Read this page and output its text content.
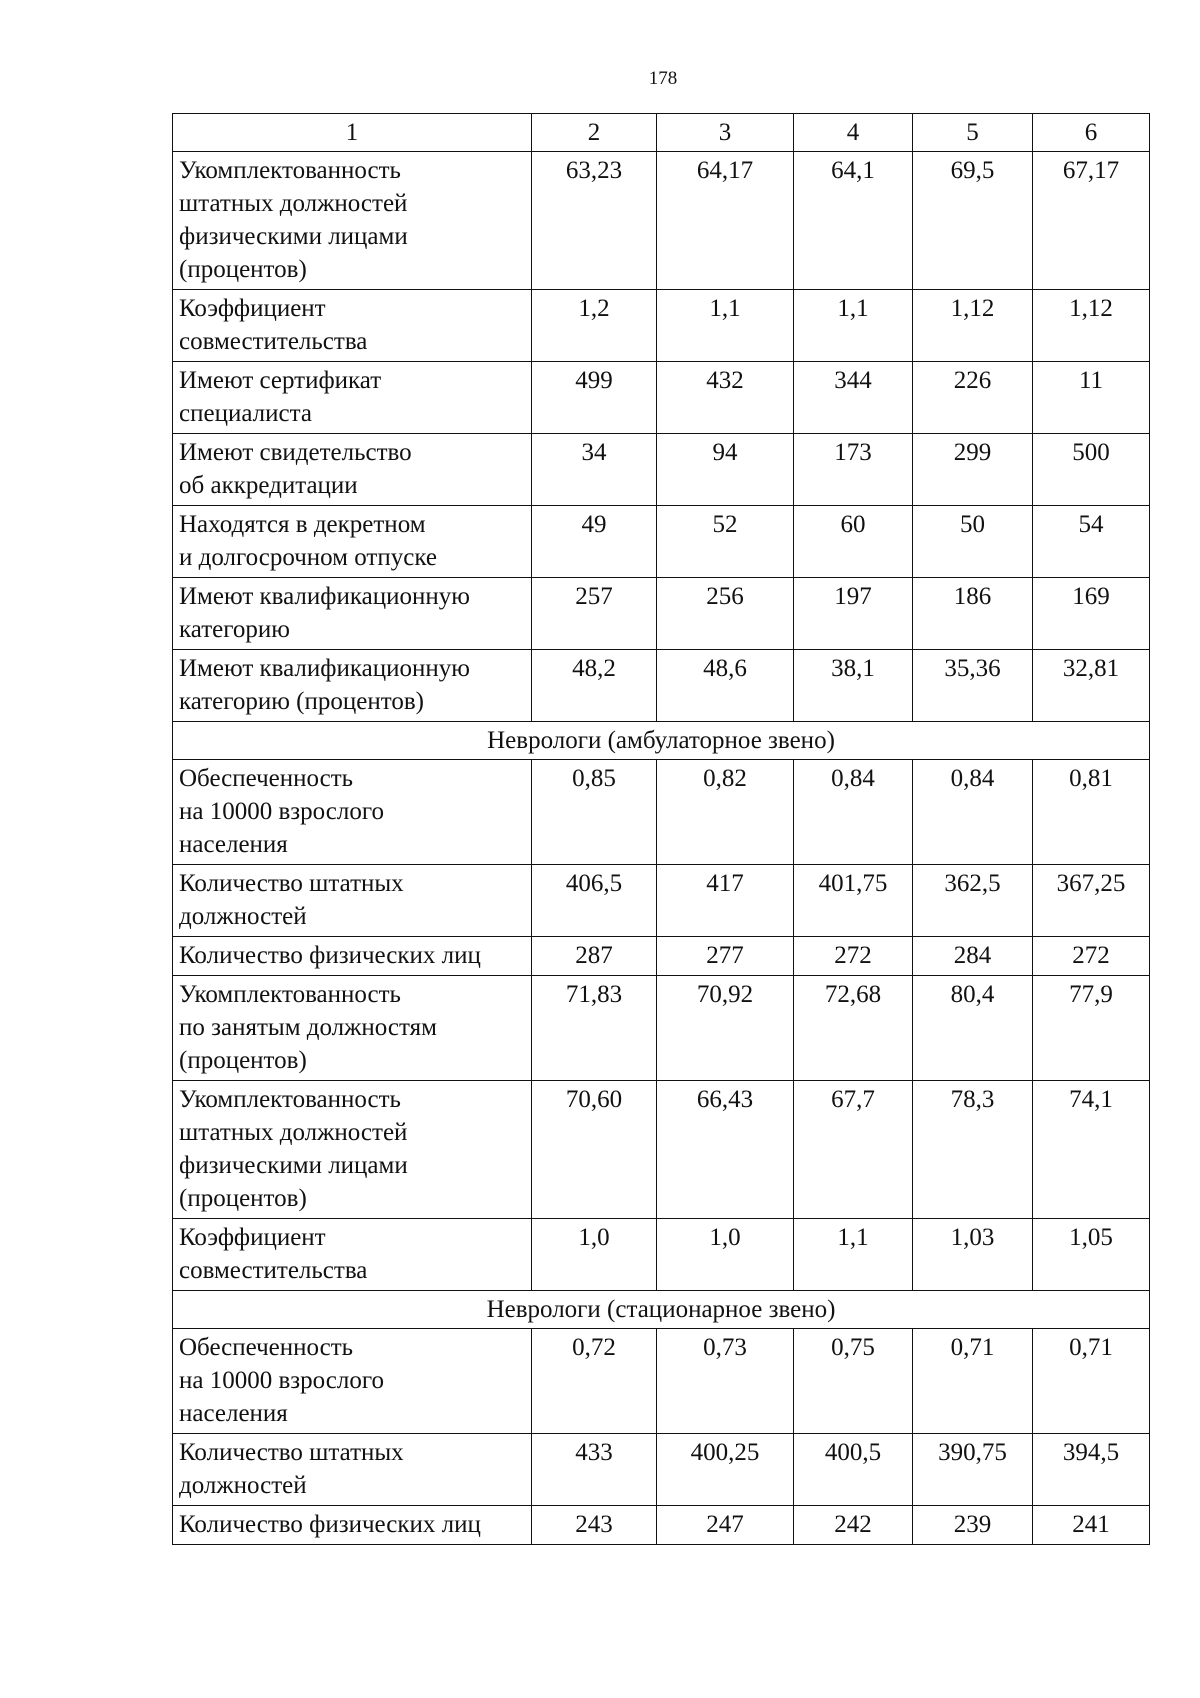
178
1	2	3	4	5	6
Укомплектованность
штатных должностей
физическими лицами
(процентов)	63,23	64,17	64,1	69,5	67,17
Коэффициент
совместительства	1,2	1,1	1,1	1,12	1,12
Имеют сертификат
специалиста	499	432	344	226	11
Имеют свидетельство
об аккредитации	34	94	173	299	500
Находятся в декретном
и долгосрочном отпуске	49	52	60	50	54
Имеют квалификационную
категорию	257	256	197	186	169
Имеют квалификационную
категорию (процентов)	48,2	48,6	38,1	35,36	32,81
Неврологи (амбулаторное звено)					
Обеспеченность
на 10000 взрослого
населения	0,85	0,82	0,84	0,84	0,81
Количество штатных
должностей	406,5	417	401,75	362,5	367,25
Количество физических лиц	287	277	272	284	272
Укомплектованность
по занятым должностям
(процентов)	71,83	70,92	72,68	80,4	77,9
Укомплектованность
штатных должностей
физическими лицами
(процентов)	70,60	66,43	67,7	78,3	74,1
Коэффициент
совместительства	1,0	1,0	1,1	1,03	1,05
Неврологи (стационарное звено)					
Обеспеченность
на 10000 взрослого
населения	0,72	0,73	0,75	0,71	0,71
Количество штатных
должностей	433	400,25	400,5	390,75	394,5
Количество физических лиц	243	247	242	239	241
